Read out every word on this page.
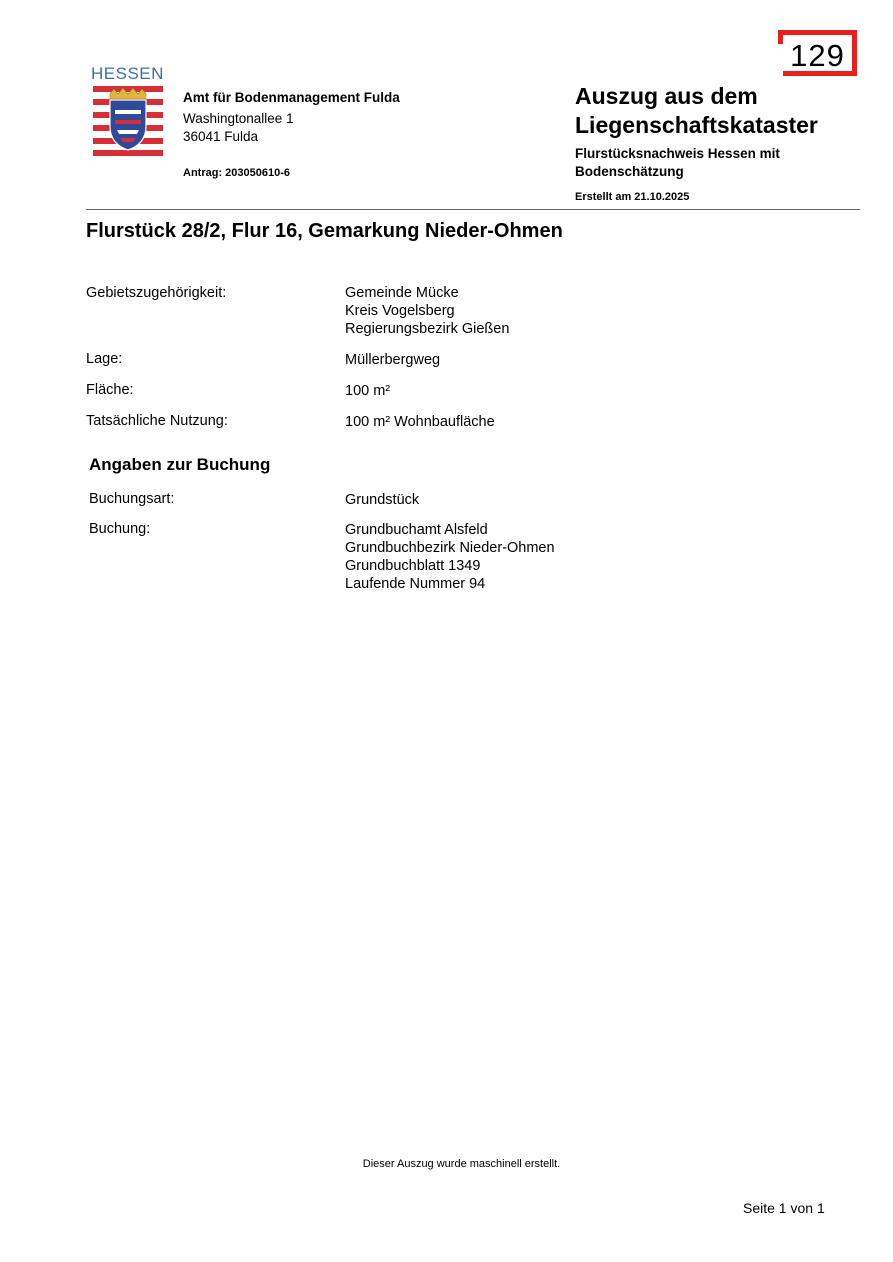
129
HESSEN
Amt für Bodenmanagement Fulda
Washingtonallee 1
36041 Fulda
Antrag: 203050610-6
Auszug aus dem
Liegenschaftskataster
Flurstücksnachweis Hessen mit
Bodenschätzung
Erstellt am 21.10.2025
Flurstück 28/2, Flur 16, Gemarkung Nieder-Ohmen
Gebietszugehörigkeit:	Gemeinde Mücke
Kreis Vogelsberg
Regierungsbezirk Gießen
Lage:	Müllerbergweg
Fläche:	100 m²
Tatsächliche Nutzung:	100 m² Wohnbaufläche
Angaben zur Buchung
Buchungsart:	Grundstück
Buchung:	Grundbuchamt Alsfeld
Grundbuchbezirk Nieder-Ohmen
Grundbuchblatt 1349
Laufende Nummer 94
Dieser Auszug wurde maschinell erstellt.
Seite 1 von 1
